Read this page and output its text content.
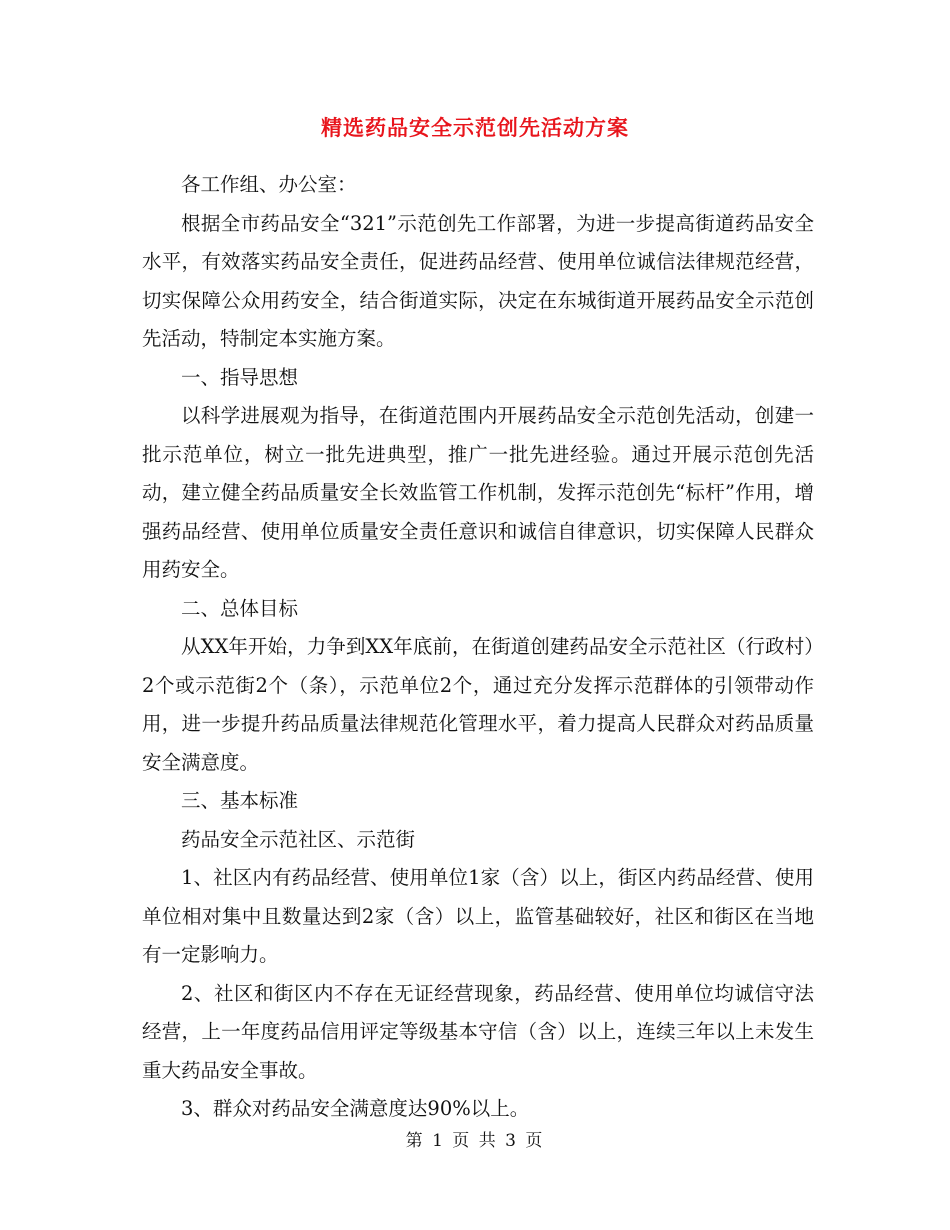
精选药品安全示范创先活动方案

各工作组、办公室：

根据全市药品安全“321”示范创先工作部署，为进一步提高街道药品安全水平，有效落实药品安全责任，促进药品经营、使用单位诚信法律规范经营，切实保障公众用药安全，结合街道实际，决定在东城街道开展药品安全示范创先活动，特制定本实施方案。

一、指导思想

以科学进展观为指导，在街道范围内开展药品安全示范创先活动，创建一批示范单位，树立一批先进典型，推广一批先进经验。通过开展示范创先活动，建立健全药品质量安全长效监管工作机制，发挥示范创先“标杆”作用，增强药品经营、使用单位质量安全责任意识和诚信自律意识，切实保障人民群众用药安全。

二、总体目标

从XX年开始，力争到XX年底前，在街道创建药品安全示范社区（行政村）2个或示范街2个（条），示范单位2个，通过充分发挥示范群体的引领带动作用，进一步提升药品质量法律规范化管理水平，着力提高人民群众对药品质量安全满意度。

三、基本标准

药品安全示范社区、示范街

1、社区内有药品经营、使用单位1家（含）以上，街区内药品经营、使用单位相对集中且数量达到2家（含）以上，监管基础较好，社区和街区在当地有一定影响力。

2、社区和街区内不存在无证经营现象，药品经营、使用单位均诚信守法经营，上一年度药品信用评定等级基本守信（含）以上，连续三年以上未发生重大药品安全事故。

3、群众对药品安全满意度达90%以上。

第 1 页 共 3 页
